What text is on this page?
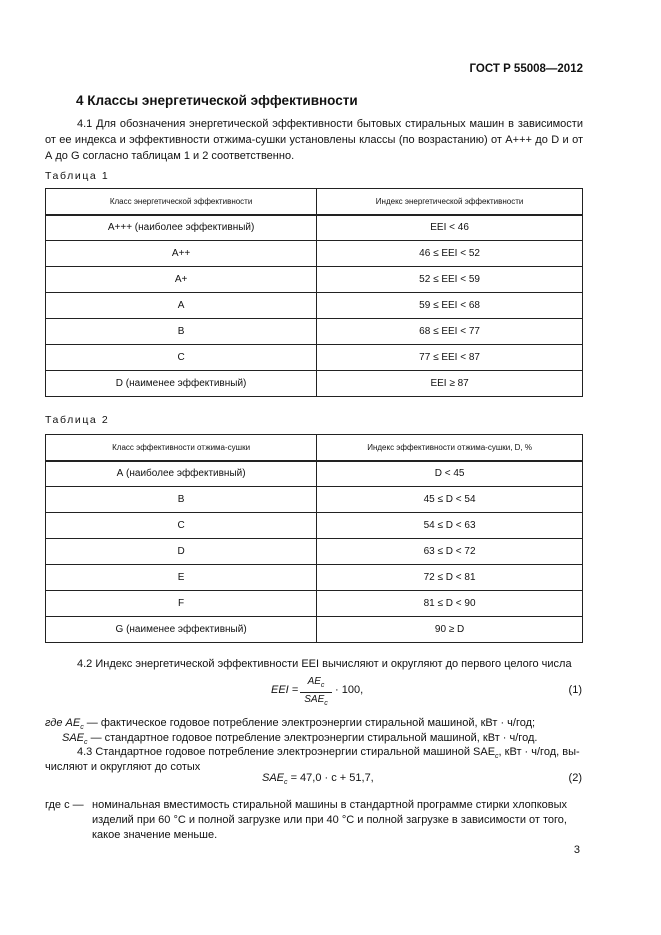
ГОСТ Р 55008—2012
4 Классы энергетической эффективности
4.1 Для обозначения энергетической эффективности бытовых стиральных машин в зависимости от ее индекса и эффективности отжима-сушки установлены классы (по возрастанию) от А+++ до D и от А до G согласно таблицам 1 и 2 соответственно.
Таблица 1
Класс энергетической эффективности	Индекс энергетической эффективности
А+++ (наиболее эффективный)	EEI < 46
А++	46 ≤ EEI < 52
А+	52 ≤ EEI < 59
А	59 ≤ EEI < 68
В	68 ≤ EEI < 77
С	77 ≤ EEI < 87
D (наименее эффективный)	EEI ≥ 87
Таблица 2
Класс эффективности отжима-сушки	Индекс эффективности отжима-сушки, D, %
А (наиболее эффективный)	D < 45
В	45 ≤ D < 54
С	54 ≤ D < 63
D	63 ≤ D < 72
Е	72 ≤ D < 81
F	81 ≤ D < 90
G (наименее эффективный)	90 ≥ D
4.2 Индекс энергетической эффективности EEI вычисляют и округляют до первого целого числа
EEI =
$AE_c$
$SAE_c$
· 100,	(1)
где $AE_c$ — фактическое годовое потребление электроэнергии стиральной машиной, кВт · ч/год;
$SAE_c$ — стандартное годовое потребление электроэнергии стиральной машиной, кВт · ч/год.
4.3 Стандартное годовое потребление электроэнергии стиральной машиной $SAE_c$, кВт · ч/год, вы-
числяют и округляют до сотых
$SAE_c = 47,0 \cdot c + 51,7$,	(2)
где c — номинальная вместимость стиральной машины в стандартной программе стирки хлопковых
изделий при 60 °С и полной загрузке или при 40 °С и полной загрузке в зависимости от того,
какое значение меньше.
3
